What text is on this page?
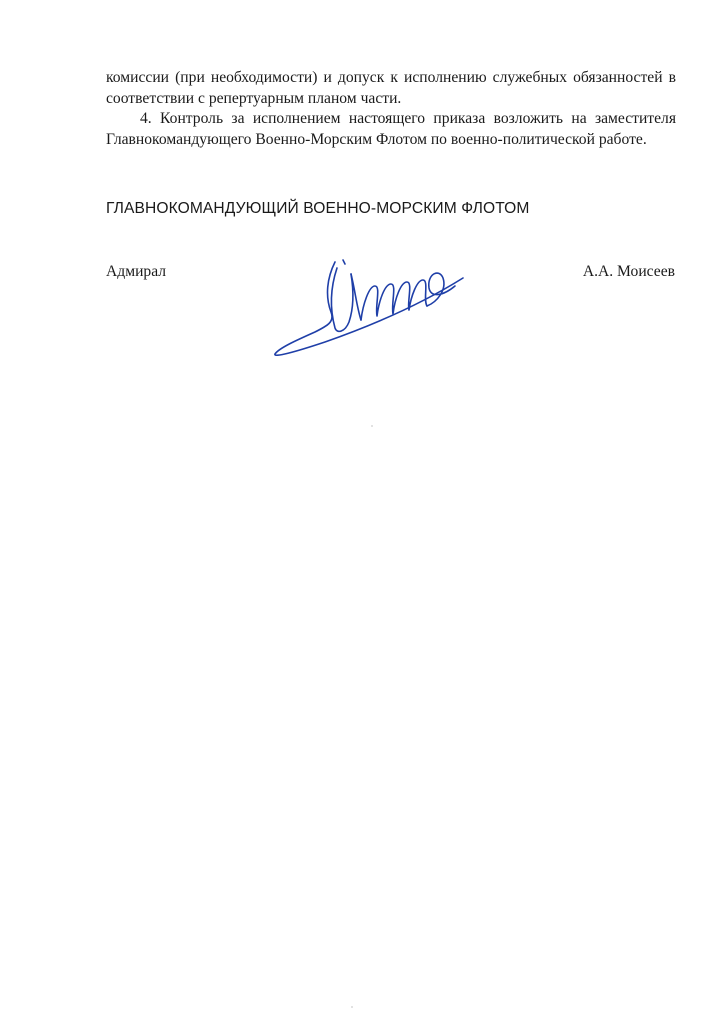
комиссии (при необходимости) и допуск к исполнению служебных обязанностей в соответствии с репертуарным планом части.

4. Контроль за исполнением настоящего приказа возложить на заместителя Главнокомандующего Военно-Морским Флотом по военно-политической работе.

ГЛАВНОКОМАНДУЮЩИЙ ВОЕННО-МОРСКИМ ФЛОТОМ
Адмирал	А.А. Моисеев
